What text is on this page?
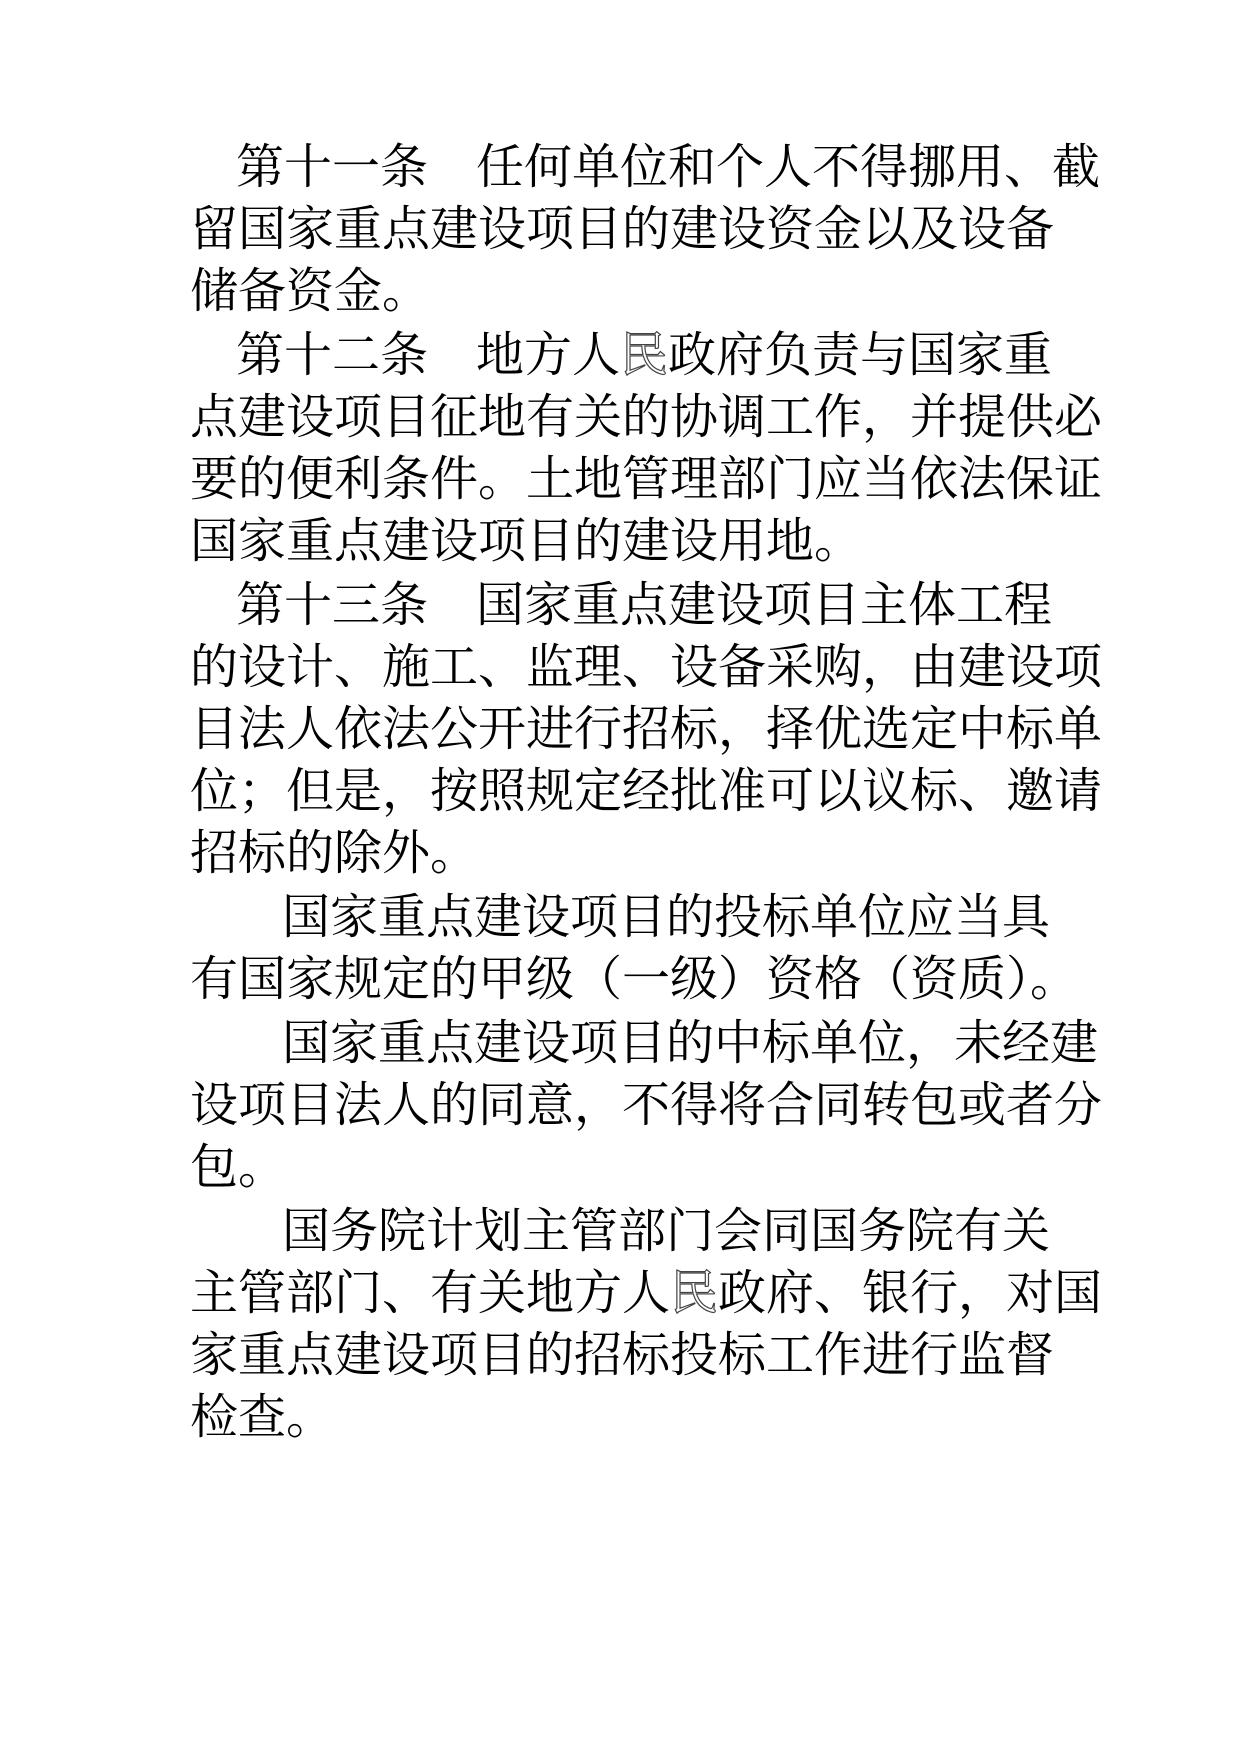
第十一条　任何单位和个人不得挪用、截
留国家重点建设项目的建设资金以及设备
储备资金。
第十二条　地方人民政府负责与国家重
点建设项目征地有关的协调工作，并提供必
要的便利条件。土地管理部门应当依法保证
国家重点建设项目的建设用地。
第十三条　国家重点建设项目主体工程
的设计、施工、监理、设备采购，由建设项
目法人依法公开进行招标，择优选定中标单
位；但是，按照规定经批准可以议标、邀请
招标的除外。
国家重点建设项目的投标单位应当具
有国家规定的甲级（一级）资格（资质）。
国家重点建设项目的中标单位，未经建
设项目法人的同意，不得将合同转包或者分
包。
国务院计划主管部门会同国务院有关
主管部门、有关地方人民政府、银行，对国
家重点建设项目的招标投标工作进行监督
检查。
